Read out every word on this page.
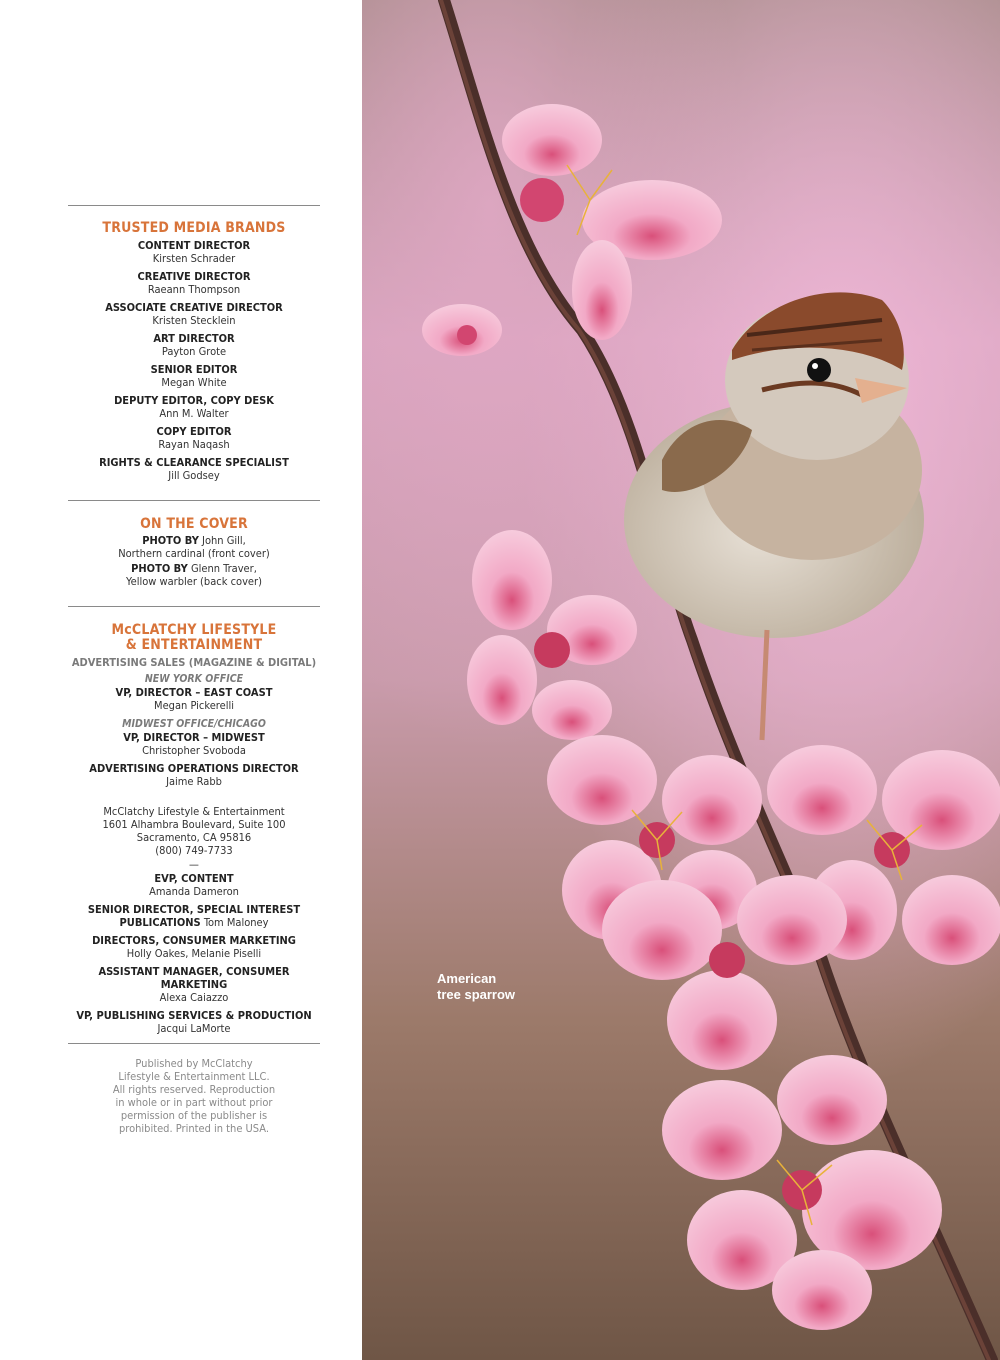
TRUSTED MEDIA BRANDS
CONTENT DIRECTOR
Kirsten Schrader
CREATIVE DIRECTOR
Raeann Thompson
ASSOCIATE CREATIVE DIRECTOR
Kristen Stecklein
ART DIRECTOR
Payton Grote
SENIOR EDITOR
Megan White
DEPUTY EDITOR, COPY DESK
Ann M. Walter
COPY EDITOR
Rayan Naqash
RIGHTS & CLEARANCE SPECIALIST
Jill Godsey
ON THE COVER
PHOTO BY John Gill,
Northern cardinal (front cover)
PHOTO BY Glenn Traver,
Yellow warbler (back cover)
McCLATCHY LIFESTYLE
& ENTERTAINMENT
ADVERTISING SALES (MAGAZINE & DIGITAL)
NEW YORK OFFICE
VP, DIRECTOR – EAST COAST
Megan Pickerelli
MIDWEST OFFICE/CHICAGO
VP, DIRECTOR – MIDWEST
Christopher Svoboda
ADVERTISING OPERATIONS DIRECTOR
Jaime Rabb
McClatchy Lifestyle & Entertainment
1601 Alhambra Boulevard, Suite 100
Sacramento, CA 95816
(800) 749-7733
—
EVP, CONTENT
Amanda Dameron
SENIOR DIRECTOR, SPECIAL INTEREST
PUBLICATIONS Tom Maloney
DIRECTORS, CONSUMER MARKETING
Holly Oakes, Melanie Piselli
ASSISTANT MANAGER, CONSUMER MARKETING
Alexa Caiazzo
VP, PUBLISHING SERVICES & PRODUCTION
Jacqui LaMorte
Published by McClatchy
Lifestyle & Entertainment LLC.
All rights reserved. Reproduction
in whole or in part without prior
permission of the publisher is
prohibited. Printed in the USA.
American
tree sparrow
